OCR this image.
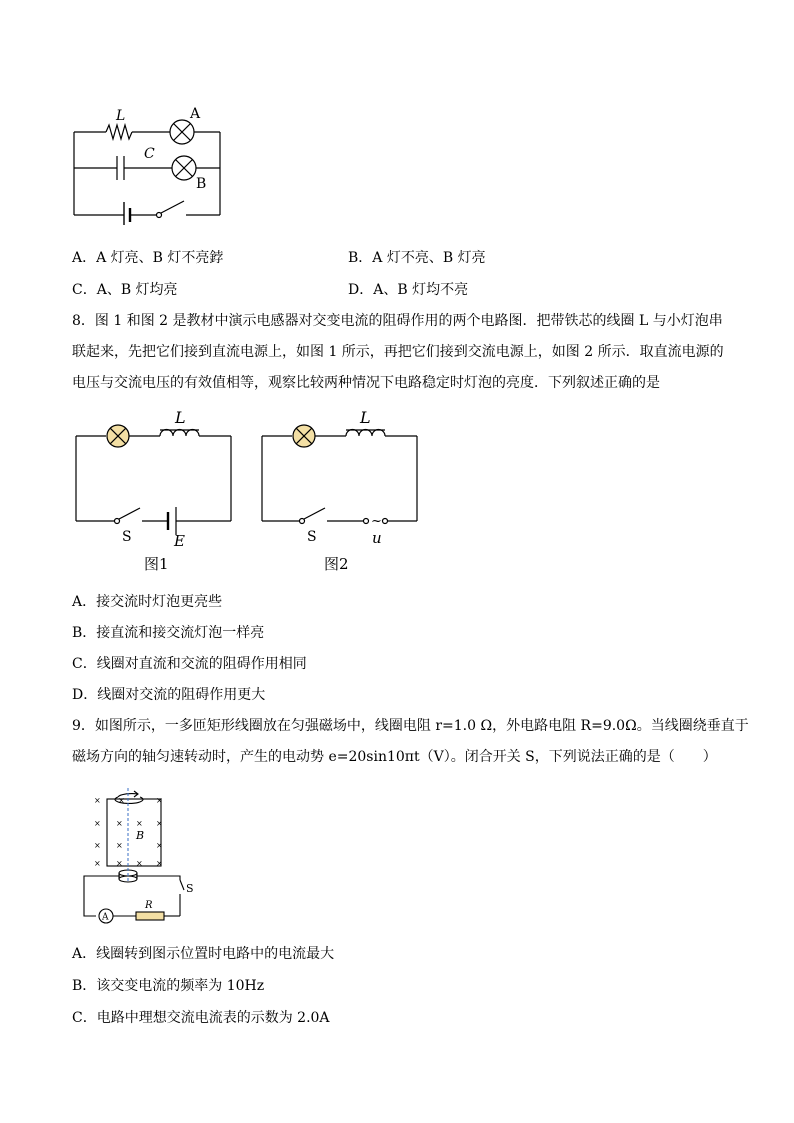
L	A
C
B
A．A 灯亮、B 灯不亮鋍	B．A 灯不亮、B 灯亮
C．A、B 灯均亮	D．A、B 灯均不亮
8．图 1 和图 2 是教材中演示电感器对交变电流的阻碍作用的两个电路图．把带铁芯的线圈 L 与小灯泡串
联起来，先把它们接到直流电源上，如图 1 所示，再把它们接到交流电源上，如图 2 所示．取直流电源的
电压与交流电压的有效值相等，观察比较两种情况下电路稳定时灯泡的亮度．下列叙述正确的是
L
S	E
图1
~
L
S	u
图2
A．接交流时灯泡更亮些
B．接直流和接交流灯泡一样亮
C．线圈对直流和交流的阻碍作用相同
D．线圈对交流的阻碍作用更大
9．如图所示，一多匝矩形线圈放在匀强磁场中，线圈电阻 r=1.0 Ω，外电路电阻 R=9.0Ω。当线圈绕垂直于
磁场方向的轴匀速转动时，产生的电动势 e=20sin10πt（V）。闭合开关 S，下列说法正确的是（　　）
× ×	×
× × × ×
× ×	×
× × × ×
B
S
R
A
A．线圈转到图示位置时电路中的电流最大
B．该交变电流的频率为 10Hz
C．电路中理想交流电流表的示数为 2.0A
